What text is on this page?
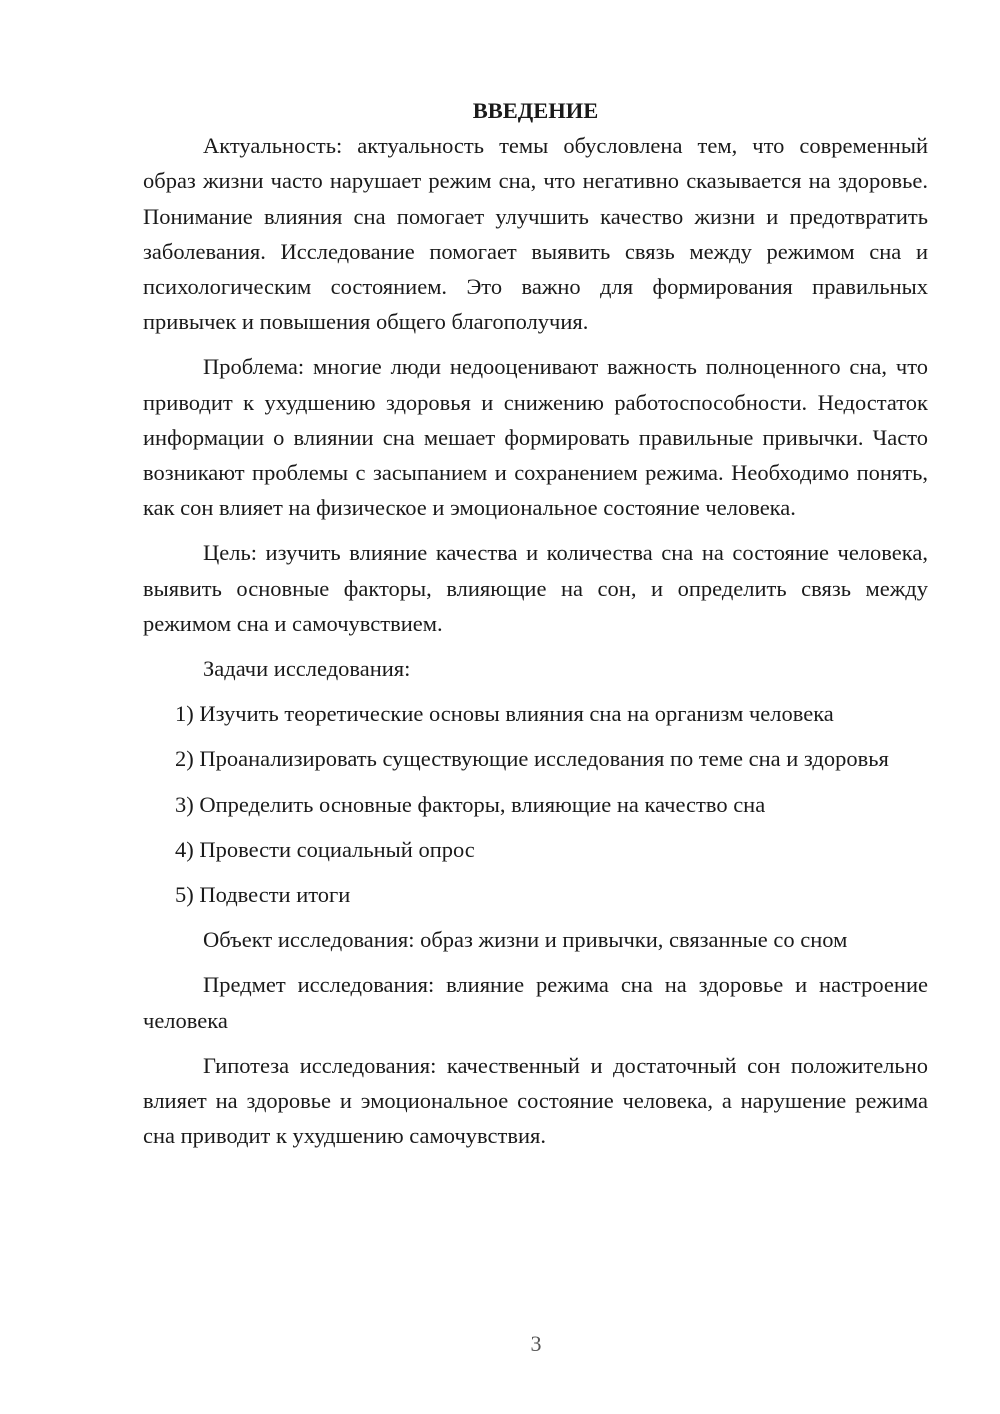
ВВЕДЕНИЕ

Актуальность: актуальность темы обусловлена тем, что современный образ жизни часто нарушает режим сна, что негативно сказывается на здоровье. Понимание влияния сна помогает улучшить качество жизни и предотвратить заболевания. Исследование помогает выявить связь между режимом сна и психологическим состоянием. Это важно для формирования правильных привычек и повышения общего благополучия.

Проблема: многие люди недооценивают важность полноценного сна, что приводит к ухудшению здоровья и снижению работоспособности. Недостаток информации о влиянии сна мешает формировать правильные привычки. Часто возникают проблемы с засыпанием и сохранением режима. Необходимо понять, как сон влияет на физическое и эмоциональное состояние человека.

Цель: изучить влияние качества и количества сна на состояние человека, выявить основные факторы, влияющие на сон, и определить связь между режимом сна и самочувствием.

Задачи исследования:

1) Изучить теоретические основы влияния сна на организм человека

2) Проанализировать существующие исследования по теме сна и здоровья

3) Определить основные факторы, влияющие на качество сна

4) Провести социальный опрос

5) Подвести итоги

Объект исследования: образ жизни и привычки, связанные со сном

Предмет исследования: влияние режима сна на здоровье и настроение человека

Гипотеза исследования: качественный и достаточный сон положительно влияет на здоровье и эмоциональное состояние человека, а нарушение режима сна приводит к ухудшению самочувствия.

3
